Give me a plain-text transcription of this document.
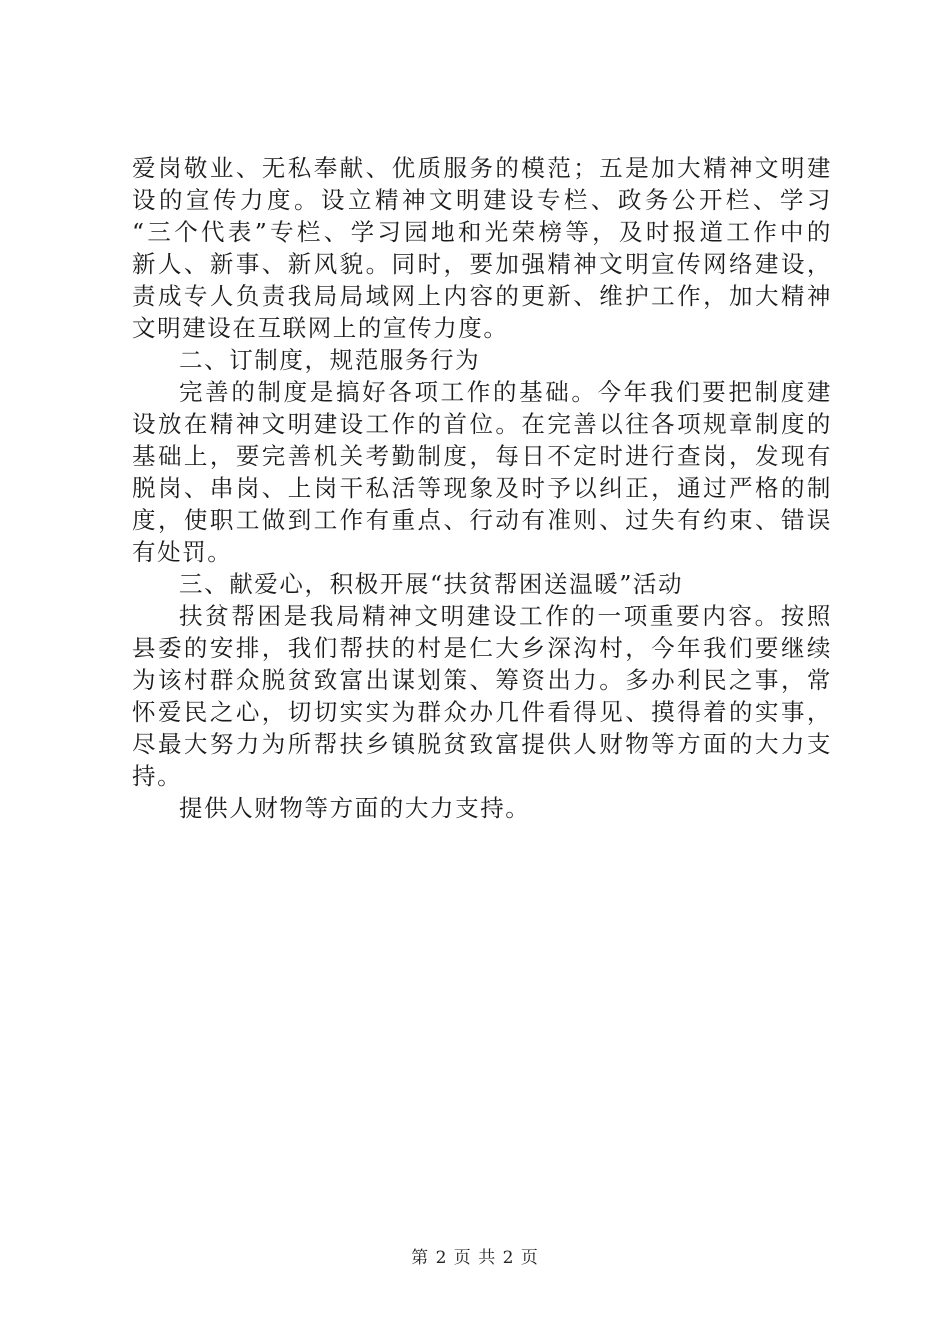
爱岗敬业、无私奉献、优质服务的模范；五是加大精神文明建
设的宣传力度。设立精神文明建设专栏、政务公开栏、学习
“三个代表”专栏、学习园地和光荣榜等，及时报道工作中的
新人、新事、新风貌。同时，要加强精神文明宣传网络建设，
责成专人负责我局局域网上内容的更新、维护工作，加大精神
文明建设在互联网上的宣传力度。
二、订制度，规范服务行为
完善的制度是搞好各项工作的基础。今年我们要把制度建
设放在精神文明建设工作的首位。在完善以往各项规章制度的
基础上，要完善机关考勤制度，每日不定时进行查岗，发现有
脱岗、串岗、上岗干私活等现象及时予以纠正，通过严格的制
度，使职工做到工作有重点、行动有准则、过失有约束、错误
有处罚。
三、献爱心，积极开展“扶贫帮困送温暖”活动
扶贫帮困是我局精神文明建设工作的一项重要内容。按照
县委的安排，我们帮扶的村是仁大乡深沟村，今年我们要继续
为该村群众脱贫致富出谋划策、筹资出力。多办利民之事，常
怀爱民之心，切切实实为群众办几件看得见、摸得着的实事，
尽最大努力为所帮扶乡镇脱贫致富提供人财物等方面的大力支
持。
提供人财物等方面的大力支持。
第 2 页 共 2 页
